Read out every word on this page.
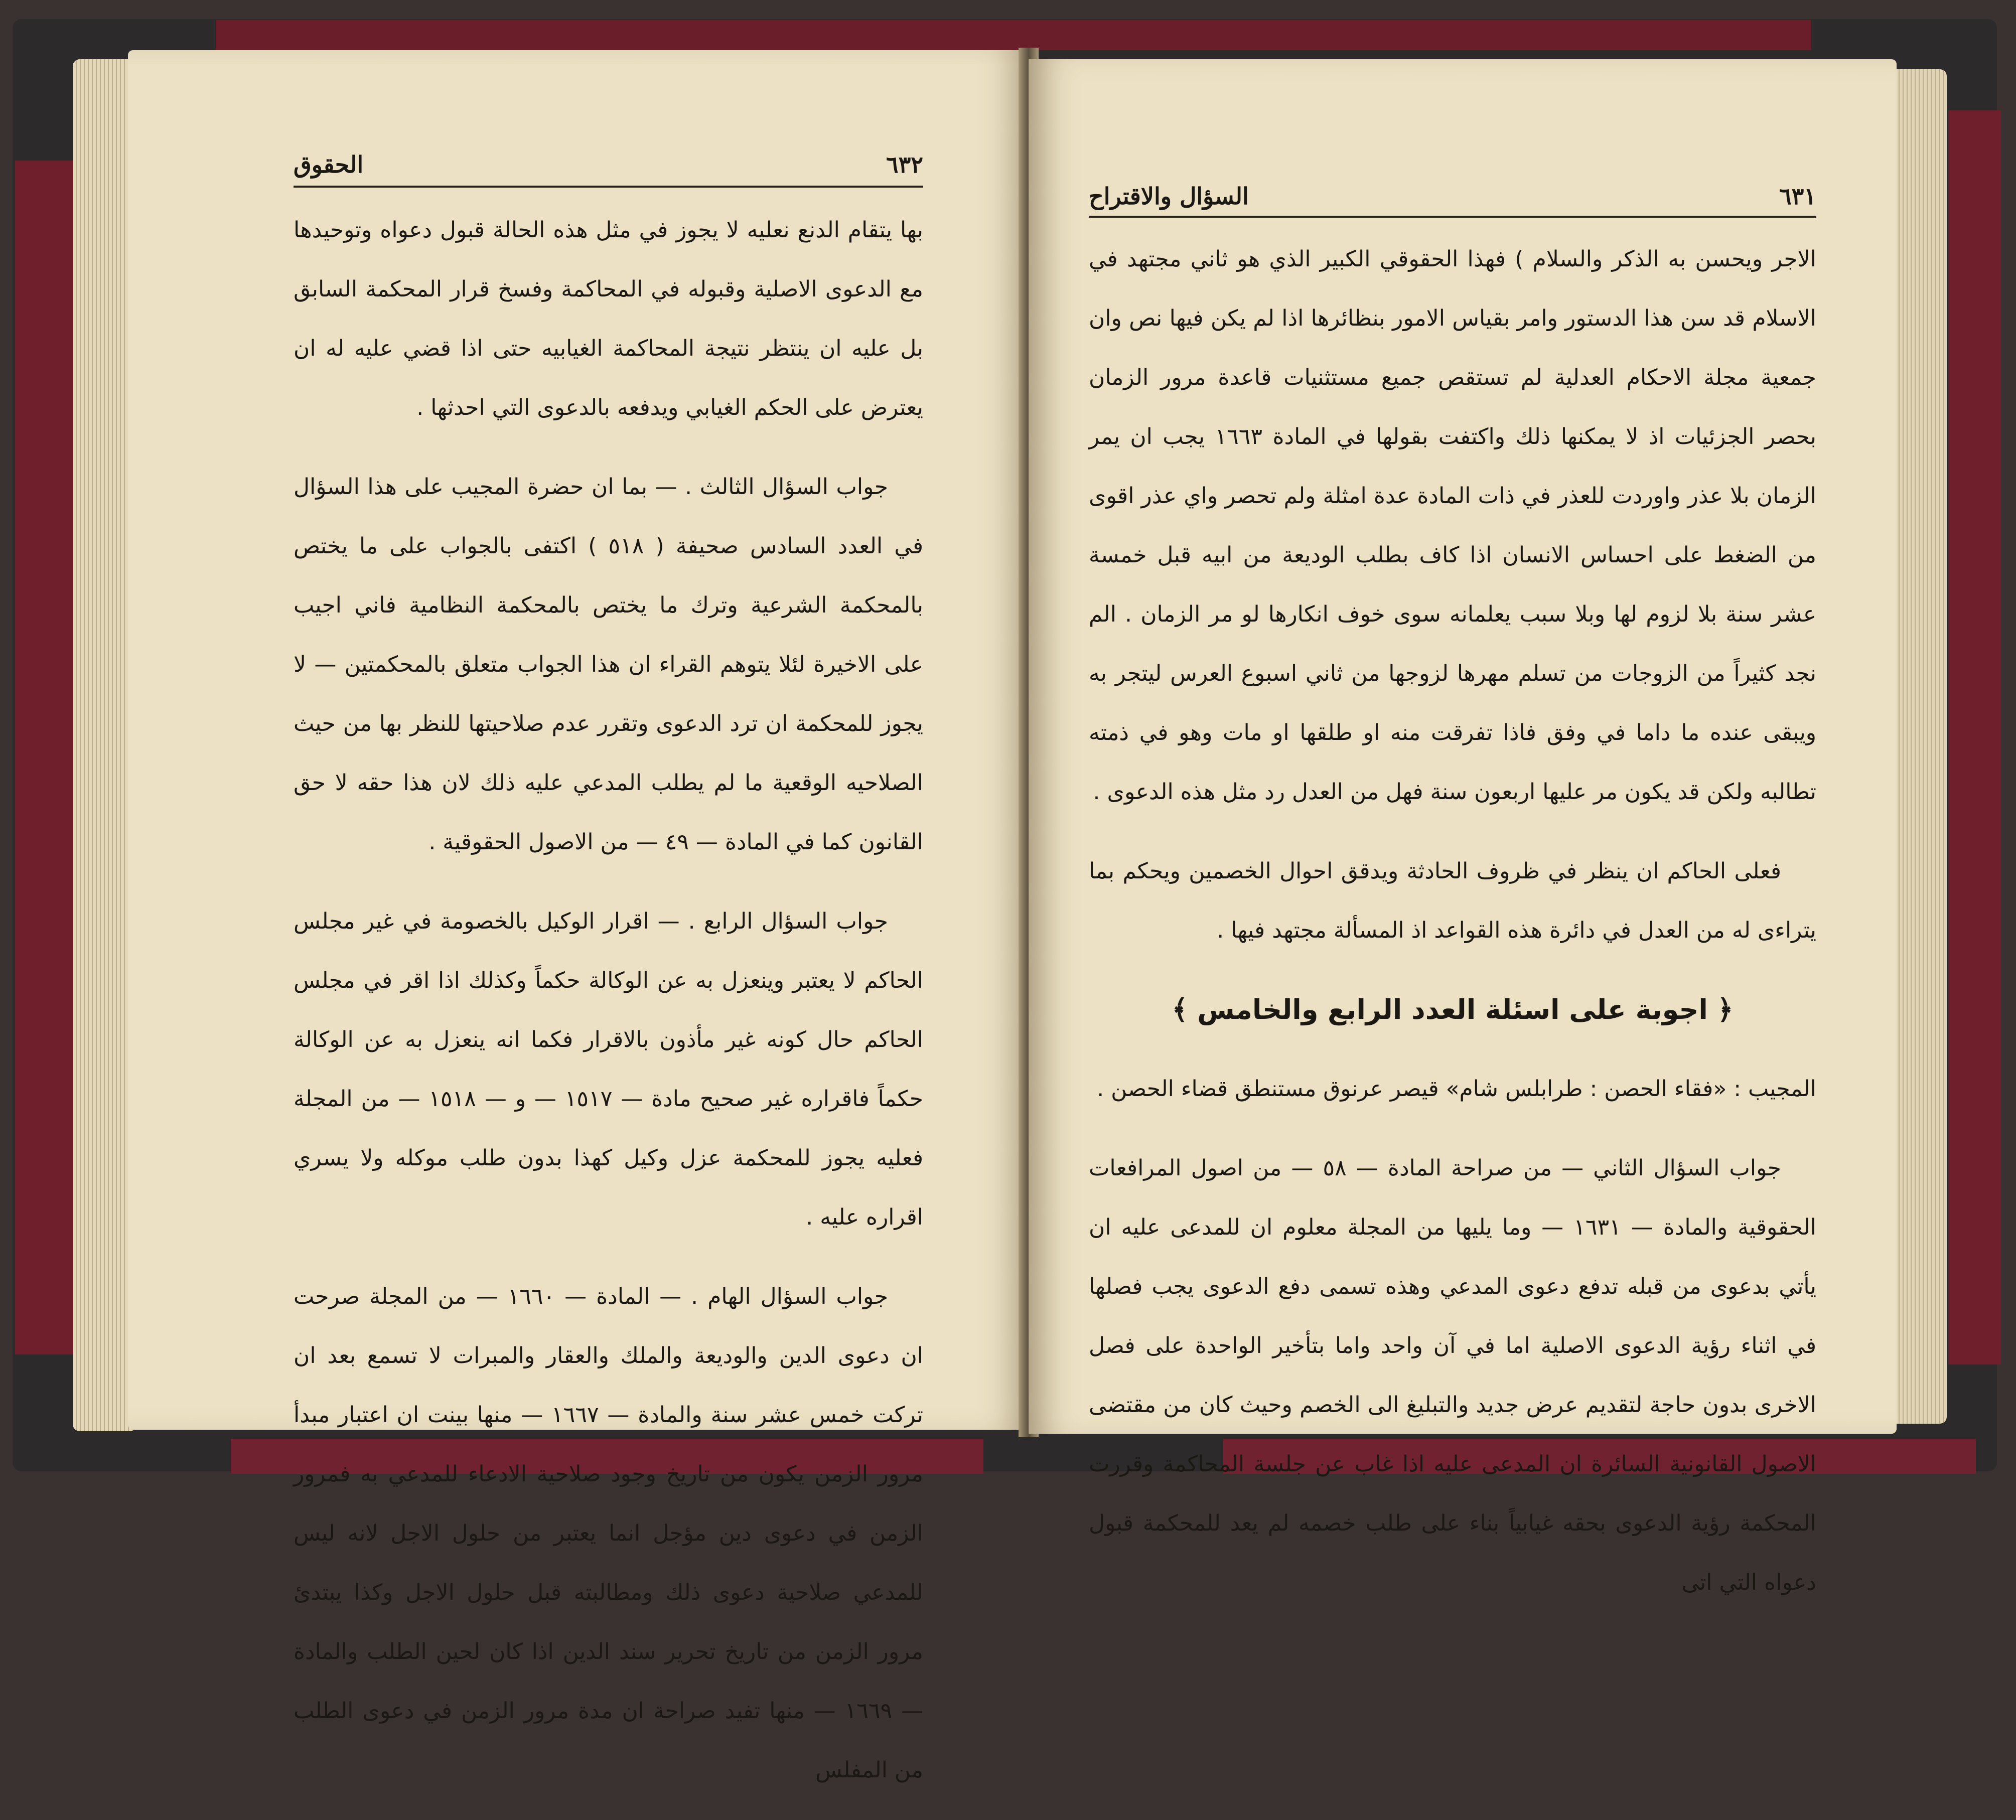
الحقوق	٦٣٢

بها يتقام الدنع نعليه لا يجوز في مثل هذه الحالة قبول دعواه وتوحيدها مع الدعوى الاصلية وقبوله في المحاكمة وفسخ قرار المحكمة السابق بل عليه ان ينتظر نتيجة المحاكمة الغيابيه حتى اذا قضي عليه له ان يعترض على الحكم الغيابي ويدفعه بالدعوى التي احدثها .

جواب السؤال الثالث . — بما ان حضرة المجيب على هذا السؤال في العدد السادس صحيفة ( ٥١٨ ) اكتفى بالجواب على ما يختص بالمحكمة الشرعية وترك ما يختص بالمحكمة النظامية فاني اجيب على الاخيرة لئلا يتوهم القراء ان هذا الجواب متعلق بالمحكمتين — لا يجوز للمحكمة ان ترد الدعوى وتقرر عدم صلاحيتها للنظر بها من حيث الصلاحيه الوقعية ما لم يطلب المدعي عليه ذلك لان هذا حقه لا حق القانون كما في المادة — ٤٩ — من الاصول الحقوقية .

جواب السؤال الرابع . — اقرار الوكيل بالخصومة في غير مجلس الحاكم لا يعتبر وينعزل به عن الوكالة حكماً وكذلك اذا اقر في مجلس الحاكم حال كونه غير مأذون بالاقرار فكما انه ينعزل به عن الوكالة حكماً فاقراره غير صحيح مادة — ١٥١٧ — و — ١٥١٨ — من المجلة فعليه يجوز للمحكمة عزل وكيل كهذا بدون طلب موكله ولا يسري اقراره عليه .

جواب السؤال الهام . — المادة — ١٦٦٠ — من المجلة صرحت ان دعوى الدين والوديعة والملك والعقار والمبرات لا تسمع بعد ان تركت خمس عشر سنة والمادة — ١٦٦٧ — منها بينت ان اعتبار مبدأ مرور الزمن يكون من تاريخ وجود صلاحية الادعاء للمدعي به فمرور الزمن في دعوى دين مؤجل انما يعتبر من حلول الاجل لانه ليس للمدعي صلاحية دعوى ذلك ومطالبته قبل حلول الاجل وكذا يبتدئ مرور الزمن من تاريخ تحرير سند الدين اذا كان لحين الطلب والمادة — ١٦٦٩ — منها تفيد صراحة ان مدة مرور الزمن في دعوى الطلب من المفلس

السؤال والاقتراح	٦٣١

الاجر ويحسن به الذكر والسلام ) فهذا الحقوقي الكبير الذي هو ثاني مجتهد في الاسلام قد سن هذا الدستور وامر بقياس الامور بنظائرها اذا لم يكن فيها نص وان جمعية مجلة الاحكام العدلية لم تستقص جميع مستثنيات قاعدة مرور الزمان بحصر الجزئيات اذ لا يمكنها ذلك واكتفت بقولها في المادة ١٦٦٣ يجب ان يمر الزمان بلا عذر واوردت للعذر في ذات المادة عدة امثلة ولم تحصر واي عذر اقوى من الضغط على احساس الانسان اذا كاف بطلب الوديعة من ابيه قبل خمسة عشر سنة بلا لزوم لها وبلا سبب يعلمانه سوى خوف انكارها لو مر الزمان . الم نجد كثيراً من الزوجات من تسلم مهرها لزوجها من ثاني اسبوع العرس ليتجر به ويبقى عنده ما داما في وفق فاذا تفرقت منه او طلقها او مات وهو في ذمته تطالبه ولكن قد يكون مر عليها اربعون سنة فهل من العدل رد مثل هذه الدعوى .

فعلى الحاكم ان ينظر في ظروف الحادثة ويدقق احوال الخصمين ويحكم بما يتراءى له من العدل في دائرة هذه القواعد اذ المسألة مجتهد فيها .

﴿ اجوبة على اسئلة العدد الرابع والخامس ﴾

المجيب : «فقاء الحصن : طرابلس شام» قيصر عرنوق مستنطق قضاء الحصن .

جواب السؤال الثاني — من صراحة المادة — ٥٨ — من اصول المرافعات الحقوقية والمادة — ١٦٣١ — وما يليها من المجلة معلوم ان للمدعى عليه ان يأتي بدعوى من قبله تدفع دعوى المدعي وهذه تسمى دفع الدعوى يجب فصلها في اثناء رؤية الدعوى الاصلية اما في آن واحد واما بتأخير الواحدة على فصل الاخرى بدون حاجة لتقديم عرض جديد والتبليغ الى الخصم وحيث كان من مقتضى الاصول القانونية السائرة ان المدعى عليه اذا غاب عن جلسة المحاكمة وقررت المحكمة رؤية الدعوى بحقه غيابياً بناء على طلب خصمه لم يعد للمحكمة قبول دعواه التي اتى
